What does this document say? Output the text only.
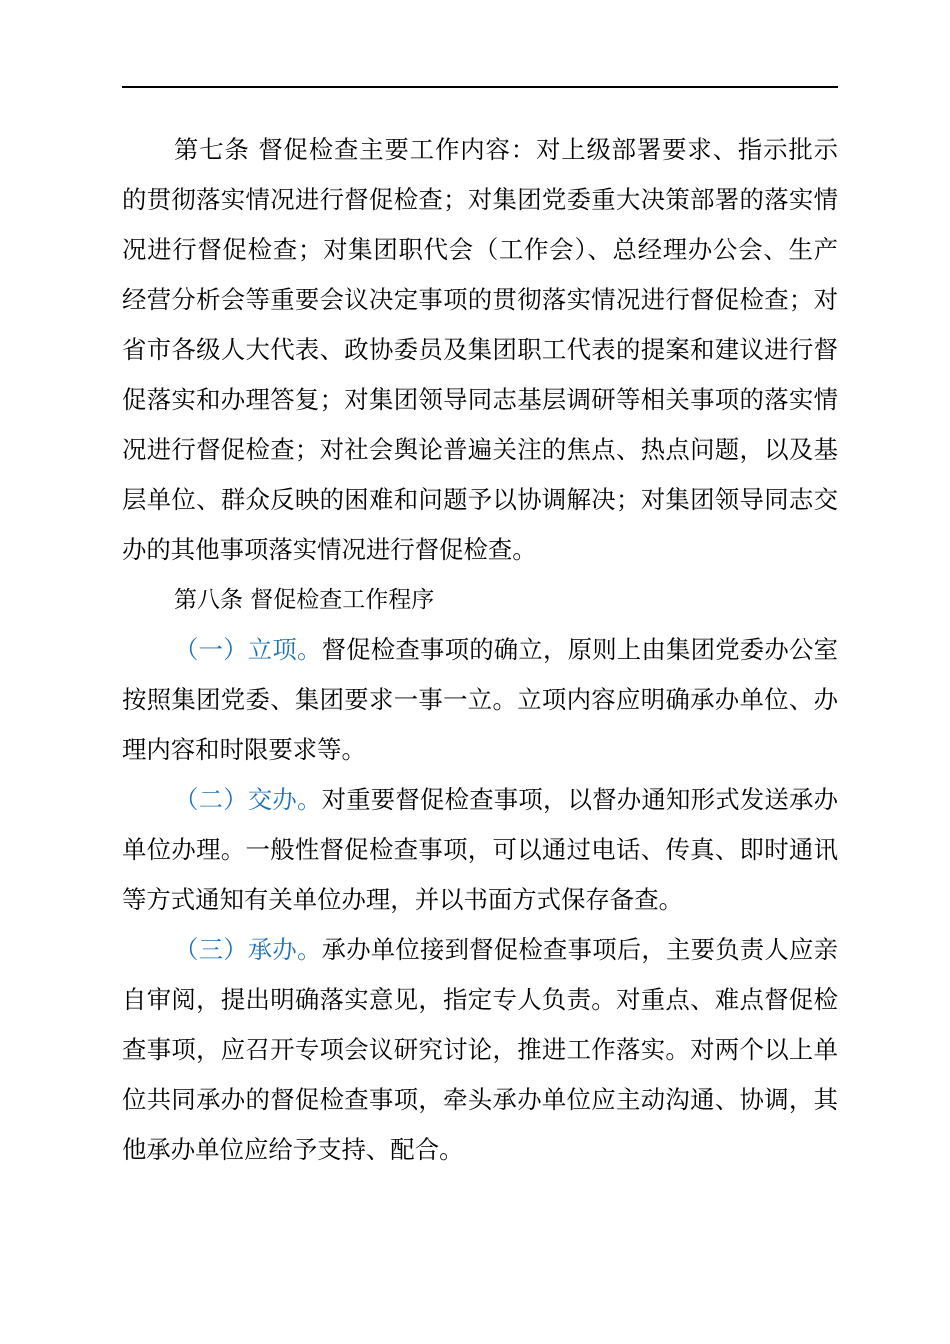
第七条 督促检查主要工作内容：对上级部署要求、指示批示的贯彻落实情况进行督促检查；对集团党委重大决策部署的落实情况进行督促检查；对集团职代会（工作会）、总经理办公会、生产经营分析会等重要会议决定事项的贯彻落实情况进行督促检查；对省市各级人大代表、政协委员及集团职工代表的提案和建议进行督促落实和办理答复；对集团领导同志基层调研等相关事项的落实情况进行督促检查；对社会舆论普遍关注的焦点、热点问题，以及基层单位、群众反映的困难和问题予以协调解决；对集团领导同志交办的其他事项落实情况进行督促检查。

第八条 督促检查工作程序

（一）立项。督促检查事项的确立，原则上由集团党委办公室按照集团党委、集团要求一事一立。立项内容应明确承办单位、办理内容和时限要求等。

（二）交办。对重要督促检查事项，以督办通知形式发送承办单位办理。一般性督促检查事项，可以通过电话、传真、即时通讯等方式通知有关单位办理，并以书面方式保存备查。

（三）承办。承办单位接到督促检查事项后，主要负责人应亲自审阅，提出明确落实意见，指定专人负责。对重点、难点督促检查事项，应召开专项会议研究讨论，推进工作落实。对两个以上单位共同承办的督促检查事项，牵头承办单位应主动沟通、协调，其他承办单位应给予支持、配合。
